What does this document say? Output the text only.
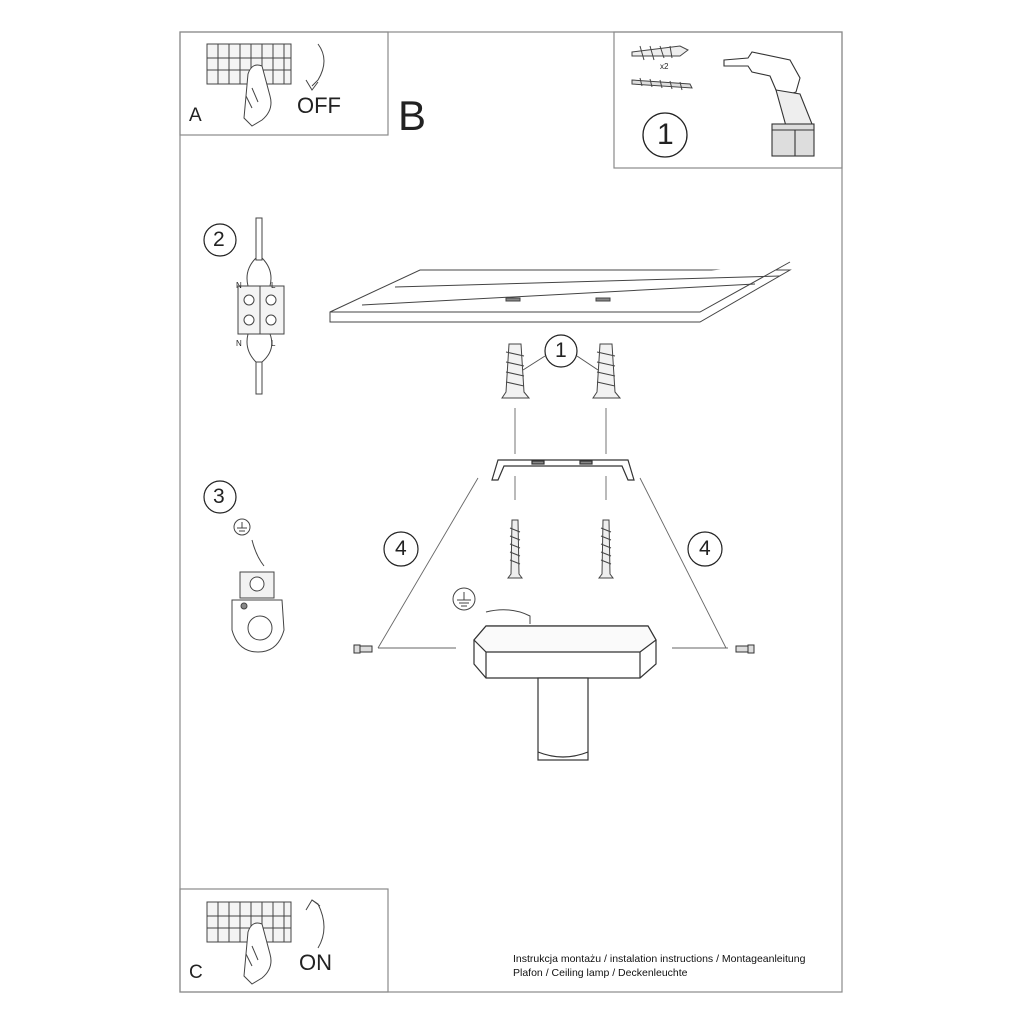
A	OFF B
C	ON
x2
1
1
2
3
4	4
N	L
N	L
Instrukcja montażu / instalation instructions / Montageanleitung
Plafon / Ceiling lamp / Deckenleuchte
